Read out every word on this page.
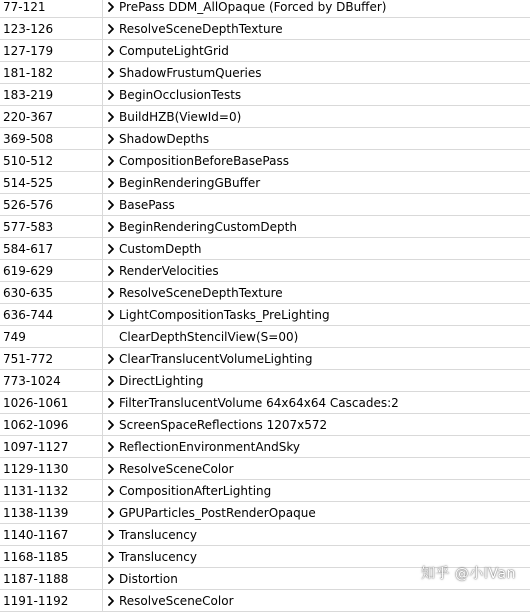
77-121	PrePass DDM_AllOpaque (Forced by DBuffer)
123-126	ResolveSceneDepthTexture
127-179	ComputeLightGrid
181-182	ShadowFrustumQueries
183-219	BeginOcclusionTests
220-367	BuildHZB(ViewId=0)
369-508	ShadowDepths
510-512	CompositionBeforeBasePass
514-525	BeginRenderingGBuffer
526-576	BasePass
577-583	BeginRenderingCustomDepth
584-617	CustomDepth
619-629	RenderVelocities
630-635	ResolveSceneDepthTexture
636-744	LightCompositionTasks_PreLighting
749	ClearDepthStencilView(S=00)
751-772	ClearTranslucentVolumeLighting
773-1024	DirectLighting
1026-1061	FilterTranslucentVolume 64x64x64 Cascades:2
1062-1096	ScreenSpaceReflections 1207x572
1097-1127	ReflectionEnvironmentAndSky
1129-1130	ResolveSceneColor
1131-1132	CompositionAfterLighting
1138-1139	GPUParticles_PostRenderOpaque
1140-1167	Translucency
1168-1185	Translucency
1187-1188	Distortion
1191-1192	ResolveSceneColor
知乎 @小IVan
